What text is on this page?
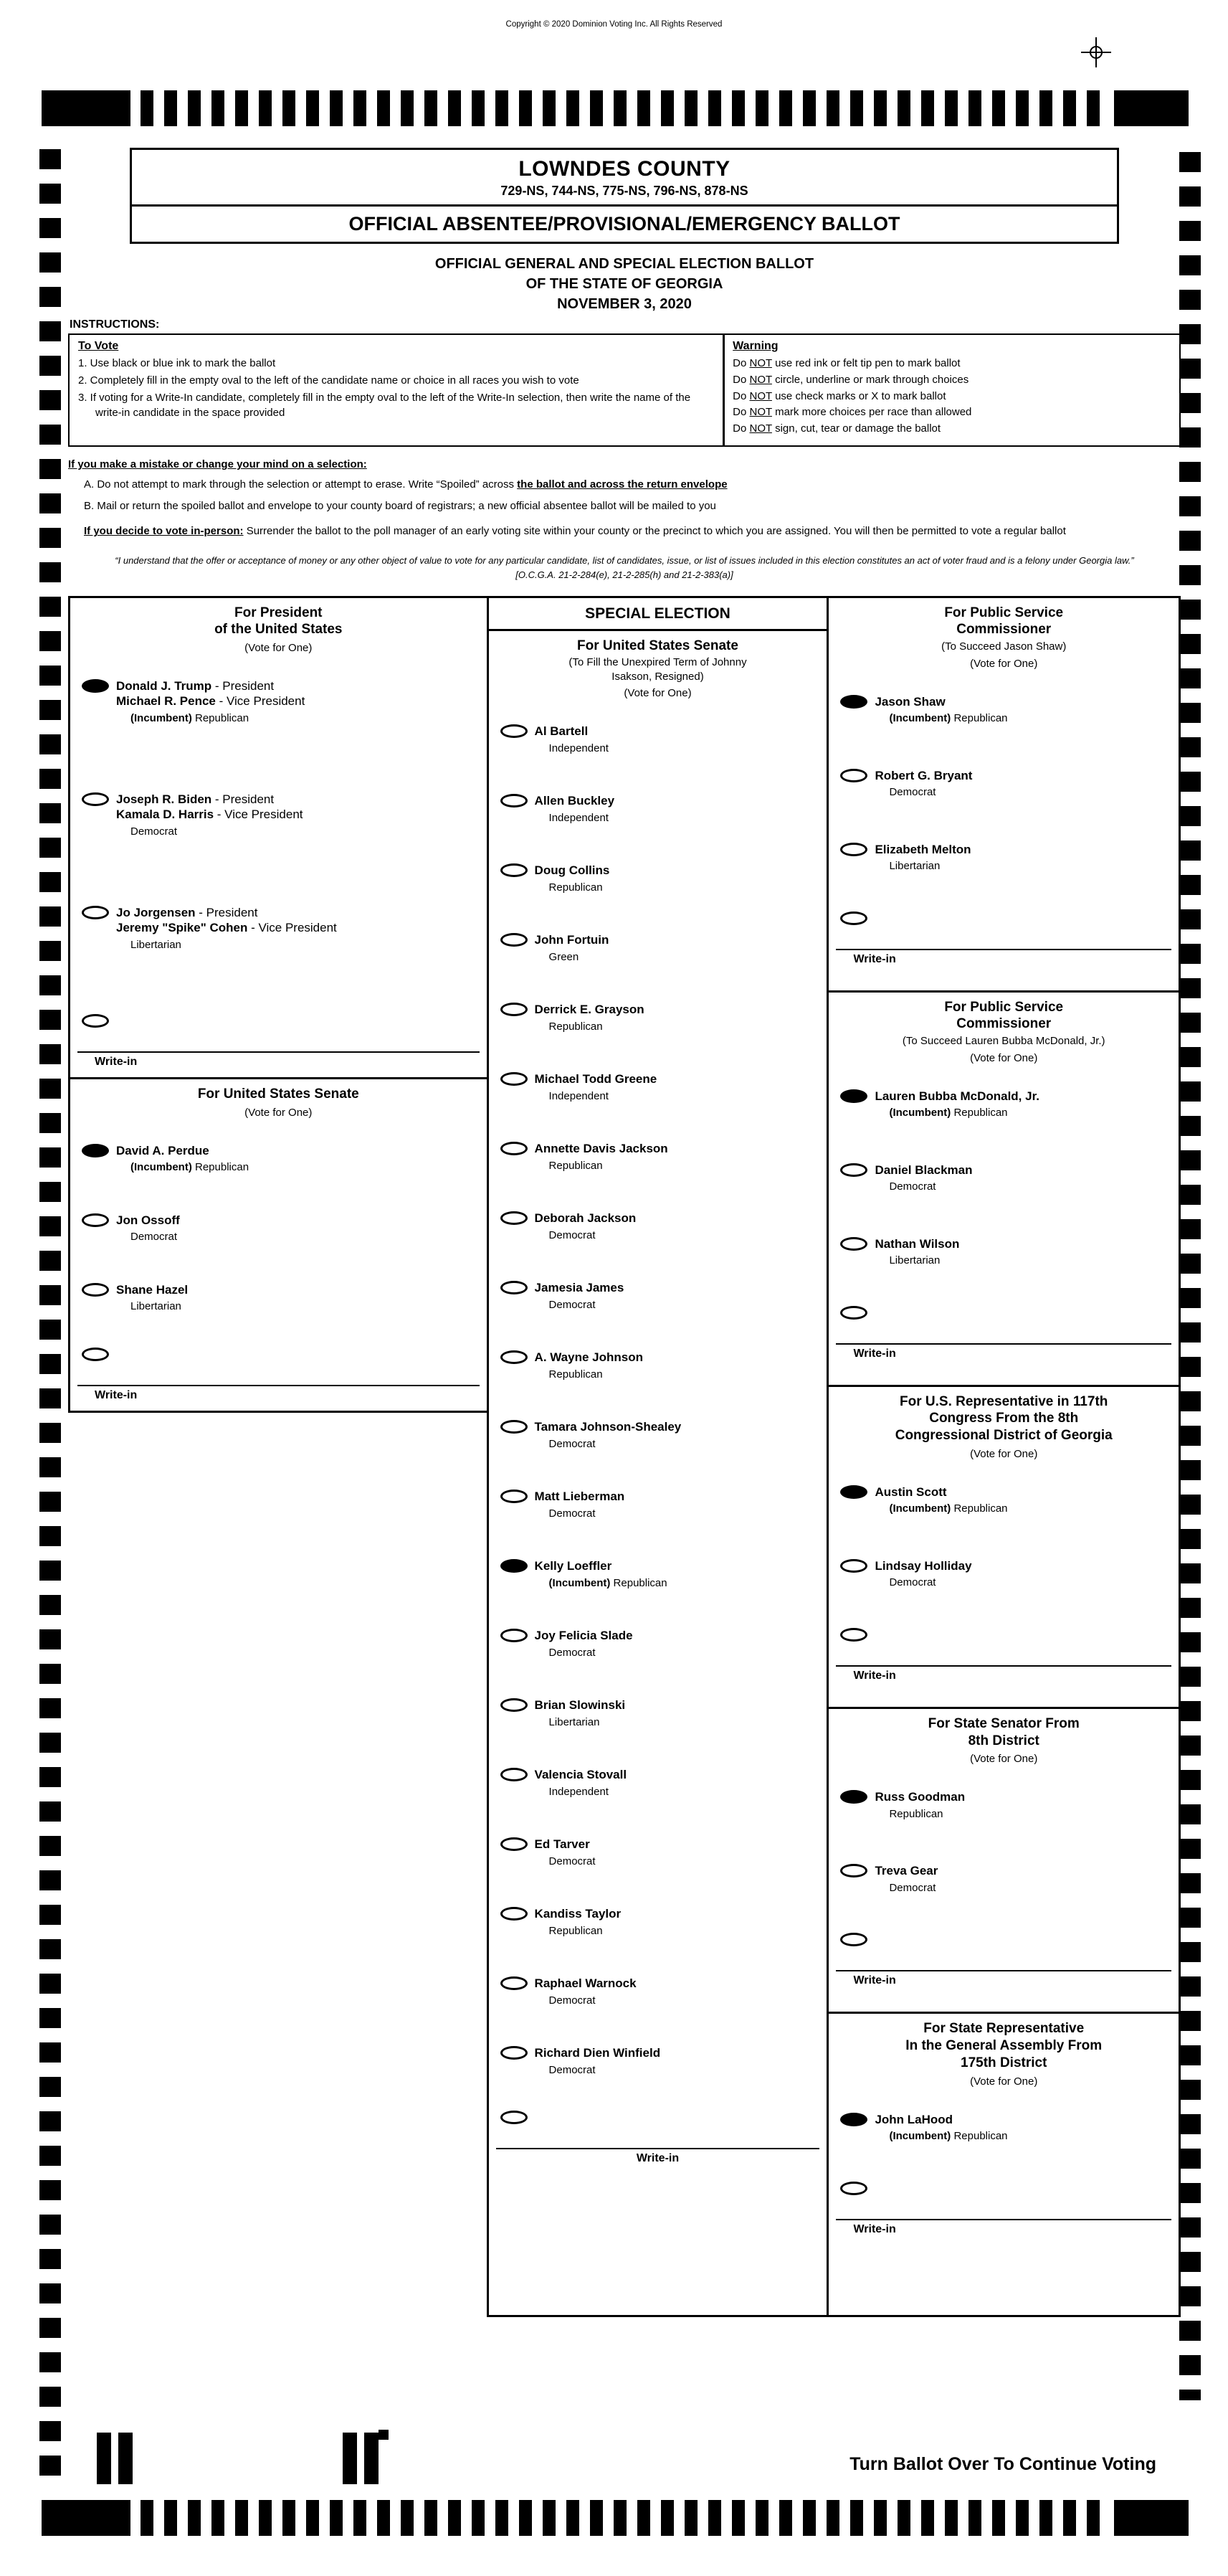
Copyright © 2020 Dominion Voting Inc. All Rights Reserved
LOWNDES COUNTY
729-NS, 744-NS, 775-NS, 796-NS, 878-NS
OFFICIAL ABSENTEE/PROVISIONAL/EMERGENCY BALLOT
OFFICIAL GENERAL AND SPECIAL ELECTION BALLOT
OF THE STATE OF GEORGIA
NOVEMBER 3, 2020
INSTRUCTIONS:
To Vote
1. Use black or blue ink to mark the ballot
2. Completely fill in the empty oval to the left of the candidate name or choice in all races you wish to vote
3. If voting for a Write-In candidate, completely fill in the empty oval to the left of the Write-In selection, then write the name of the write-in candidate in the space provided
Warning
Do NOT use red ink or felt tip pen to mark ballot
Do NOT circle, underline or mark through choices
Do NOT use check marks or X to mark ballot
Do NOT mark more choices per race than allowed
Do NOT sign, cut, tear or damage the ballot
If you make a mistake or change your mind on a selection:
A. Do not attempt to mark through the selection or attempt to erase. Write “Spoiled” across the ballot and across the return envelope
B. Mail or return the spoiled ballot and envelope to your county board of registrars; a new official absentee ballot will be mailed to you
If you decide to vote in-person: Surrender the ballot to the poll manager of an early voting site within your county or the precinct to which you are assigned. You will then be permitted to vote a regular ballot
“I understand that the offer or acceptance of money or any other object of value to vote for any particular candidate, list of candidates, issue, or list of issues included in this election constitutes an act of voter fraud and is a felony under Georgia law.” [O.C.G.A. 21-2-284(e), 21-2-285(h) and 21-2-383(a)]
For President
of the United States
(Vote for One)
Donald J. Trump - President
Michael R. Pence - Vice President
(Incumbent) Republican
Joseph R. Biden - President
Kamala D. Harris - Vice President
Democrat
Jo Jorgensen - President
Jeremy "Spike" Cohen - Vice President
Libertarian
Write-in
For United States Senate
(Vote for One)
David A. Perdue
(Incumbent) Republican
Jon Ossoff
Democrat
Shane Hazel
Libertarian
Write-in
SPECIAL ELECTION
For United States Senate
(To Fill the Unexpired Term of Johnny
Isakson, Resigned)
(Vote for One)
Al Bartell
Independent
Allen Buckley
Independent
Doug Collins
Republican
John Fortuin
Green
Derrick E. Grayson
Republican
Michael Todd Greene
Independent
Annette Davis Jackson
Republican
Deborah Jackson
Democrat
Jamesia James
Democrat
A. Wayne Johnson
Republican
Tamara Johnson-Shealey
Democrat
Matt Lieberman
Democrat
Kelly Loeffler
(Incumbent) Republican
Joy Felicia Slade
Democrat
Brian Slowinski
Libertarian
Valencia Stovall
Independent
Ed Tarver
Democrat
Kandiss Taylor
Republican
Raphael Warnock
Democrat
Richard Dien Winfield
Democrat
Write-in
For Public Service
Commissioner
(To Succeed Jason Shaw)
(Vote for One)
Jason Shaw
(Incumbent) Republican
Robert G. Bryant
Democrat
Elizabeth Melton
Libertarian
Write-in
For Public Service
Commissioner
(To Succeed Lauren Bubba McDonald, Jr.)
(Vote for One)
Lauren Bubba McDonald, Jr.
(Incumbent) Republican
Daniel Blackman
Democrat
Nathan Wilson
Libertarian
Write-in
For U.S. Representative in 117th
Congress From the 8th
Congressional District of Georgia
(Vote for One)
Austin Scott
(Incumbent) Republican
Lindsay Holliday
Democrat
Write-in
For State Senator From
8th District
(Vote for One)
Russ Goodman
Republican
Treva Gear
Democrat
Write-in
For State Representative
In the General Assembly From
175th District
(Vote for One)
John LaHood
(Incumbent) Republican
Write-in
Turn Ballot Over To Continue Voting
